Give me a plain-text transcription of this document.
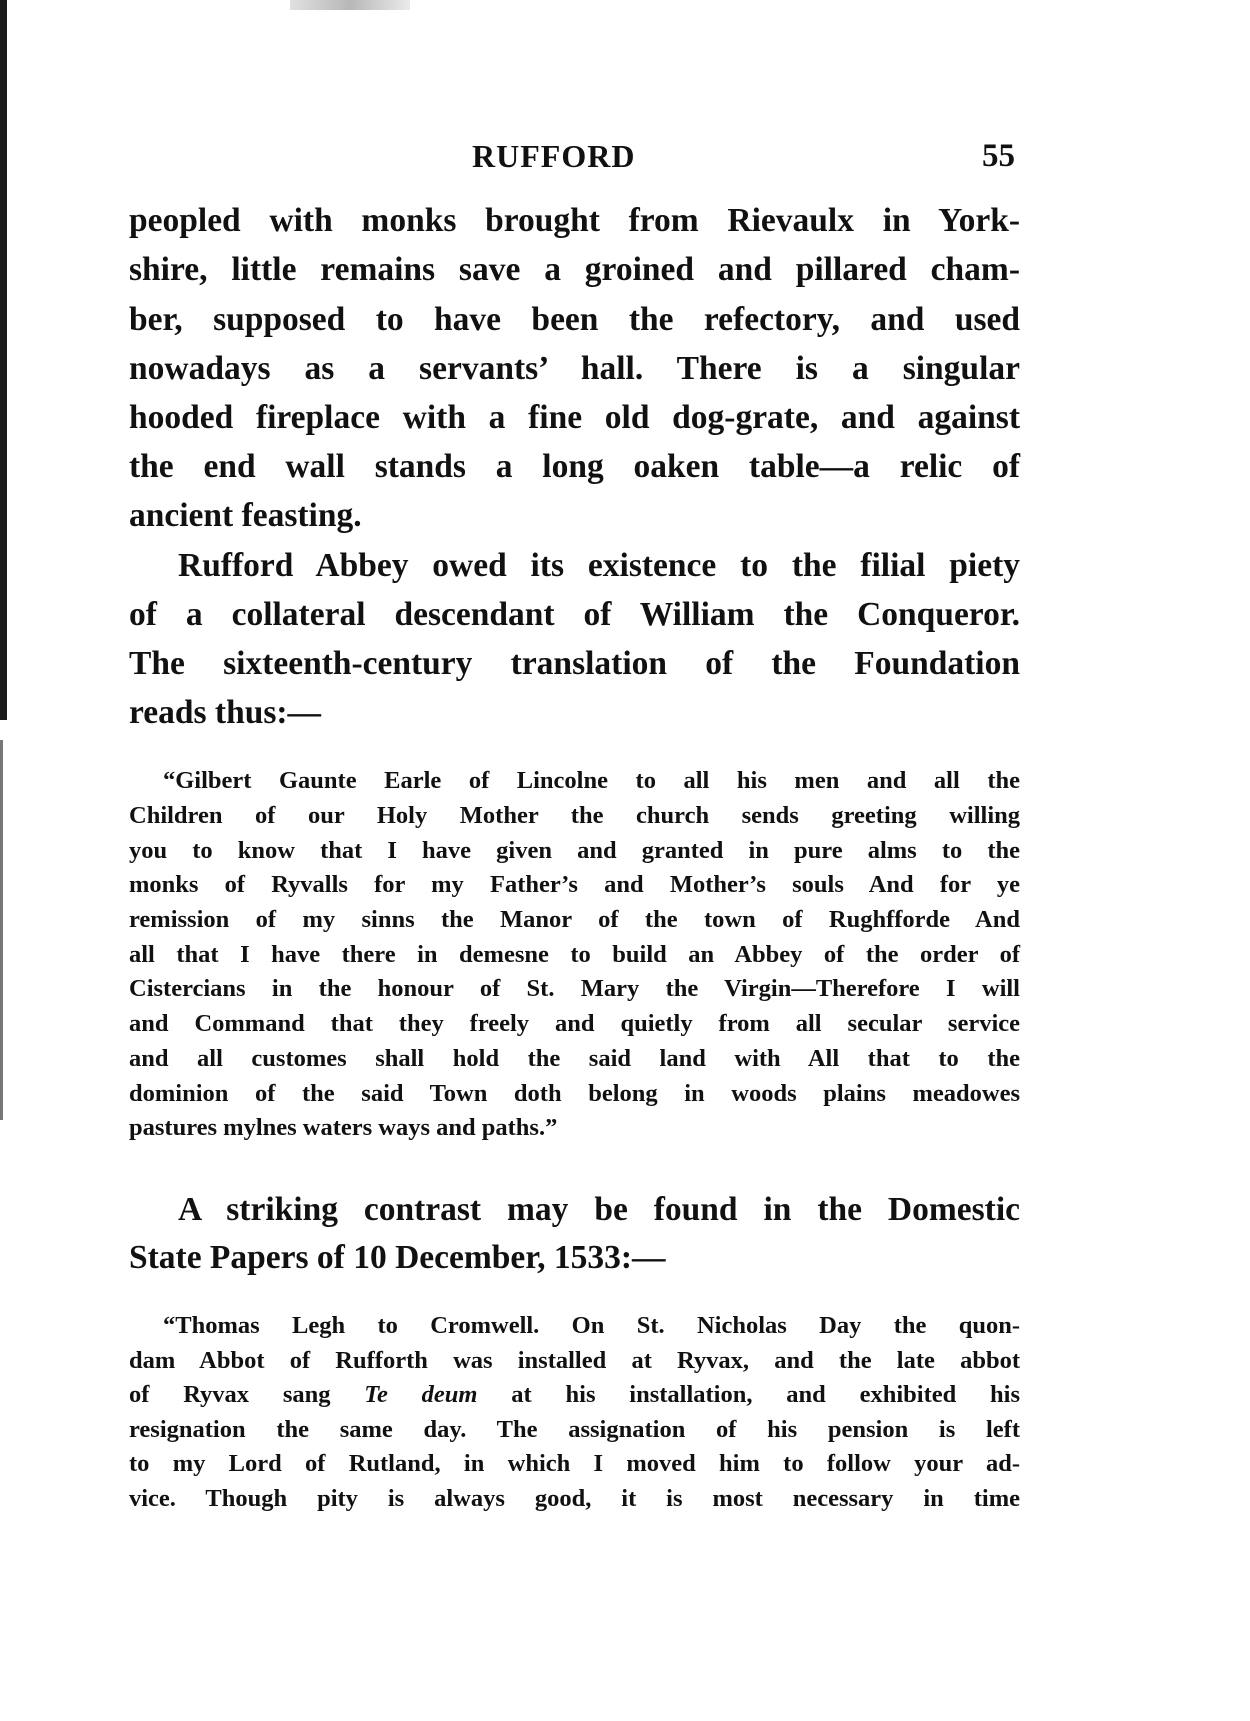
RUFFORD	55
peopled with monks brought from Rievaulx in York-
shire, little remains save a groined and pillared cham-
ber, supposed to have been the refectory, and used
nowadays as a servants’ hall. There is a singular
hooded fireplace with a fine old dog-grate, and against
the end wall stands a long oaken table—a relic of
ancient feasting.
Rufford Abbey owed its existence to the filial piety
of a collateral descendant of William the Conqueror.
The sixteenth-century translation of the Foundation
reads thus:—
“Gilbert Gaunte Earle of Lincolne to all his men and all the
Children of our Holy Mother the church sends greeting willing
you to know that I have given and granted in pure alms to the
monks of Ryvalls for my Father’s and Mother’s souls And for ye
remission of my sinns the Manor of the town of Rughfforde And
all that I have there in demesne to build an Abbey of the order of
Cistercians in the honour of St. Mary the Virgin—Therefore I will
and Command that they freely and quietly from all secular service
and all customes shall hold the said land with All that to the
dominion of the said Town doth belong in woods plains meadowes
pastures mylnes waters ways and paths.”
A striking contrast may be found in the Domestic
State Papers of 10 December, 1533:—
“Thomas Legh to Cromwell. On St. Nicholas Day the quon-
dam Abbot of Rufforth was installed at Ryvax, and the late abbot
of Ryvax sang Te deum at his installation, and exhibited his
resignation the same day. The assignation of his pension is left
to my Lord of Rutland, in which I moved him to follow your ad-
vice. Though pity is always good, it is most necessary in time
